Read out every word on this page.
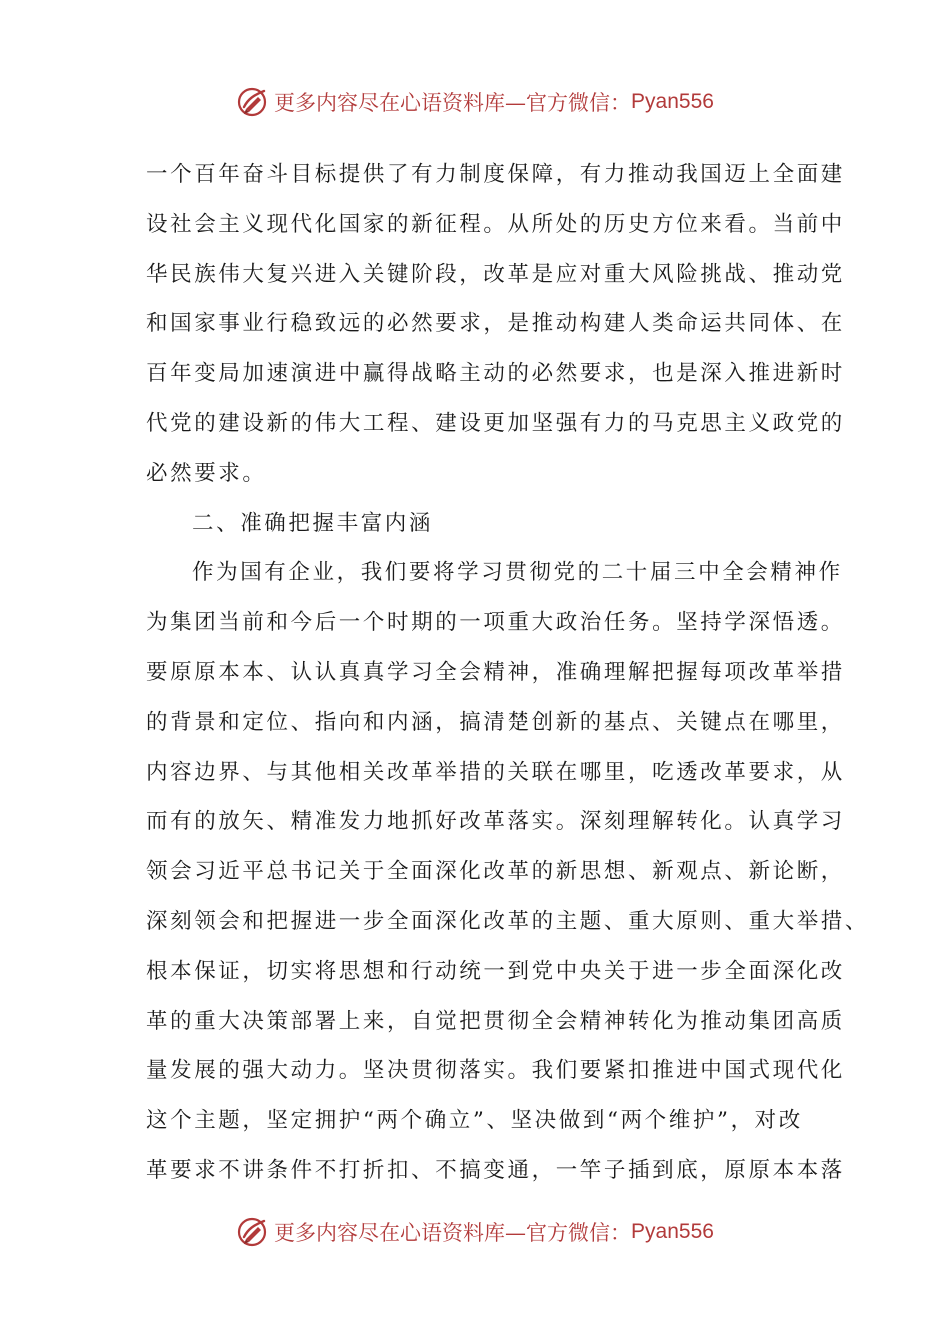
更多内容尽在心语资料库—官方微信： Pyan556
一个百年奋斗目标提供了有力制度保障，有力推动我国迈上全面建
设社会主义现代化国家的新征程。从所处的历史方位来看。当前中
华民族伟大复兴进入关键阶段，改革是应对重大风险挑战、推动党
和国家事业行稳致远的必然要求，是推动构建人类命运共同体、在
百年变局加速演进中赢得战略主动的必然要求，也是深入推进新时
代党的建设新的伟大工程、建设更加坚强有力的马克思主义政党的
必然要求。
二、准确把握丰富内涵
作为国有企业，我们要将学习贯彻党的二十届三中全会精神作
为集团当前和今后一个时期的一项重大政治任务。坚持学深悟透。
要原原本本、认认真真学习全会精神，准确理解把握每项改革举措
的背景和定位、指向和内涵，搞清楚创新的基点、关键点在哪里，
内容边界、与其他相关改革举措的关联在哪里，吃透改革要求，从
而有的放矢、精准发力地抓好改革落实。深刻理解转化。认真学习
领会习近平总书记关于全面深化改革的新思想、新观点、新论断，
深刻领会和把握进一步全面深化改革的主题、重大原则、重大举措、
根本保证，切实将思想和行动统一到党中央关于进一步全面深化改
革的重大决策部署上来，自觉把贯彻全会精神转化为推动集团高质
量发展的强大动力。坚决贯彻落实。我们要紧扣推进中国式现代化
这个主题，坚定拥护“两个确立”、坚决做到“两个维护”，对改
革要求不讲条件不打折扣、不搞变通，一竿子插到底，原原本本落
更多内容尽在心语资料库—官方微信： Pyan556
